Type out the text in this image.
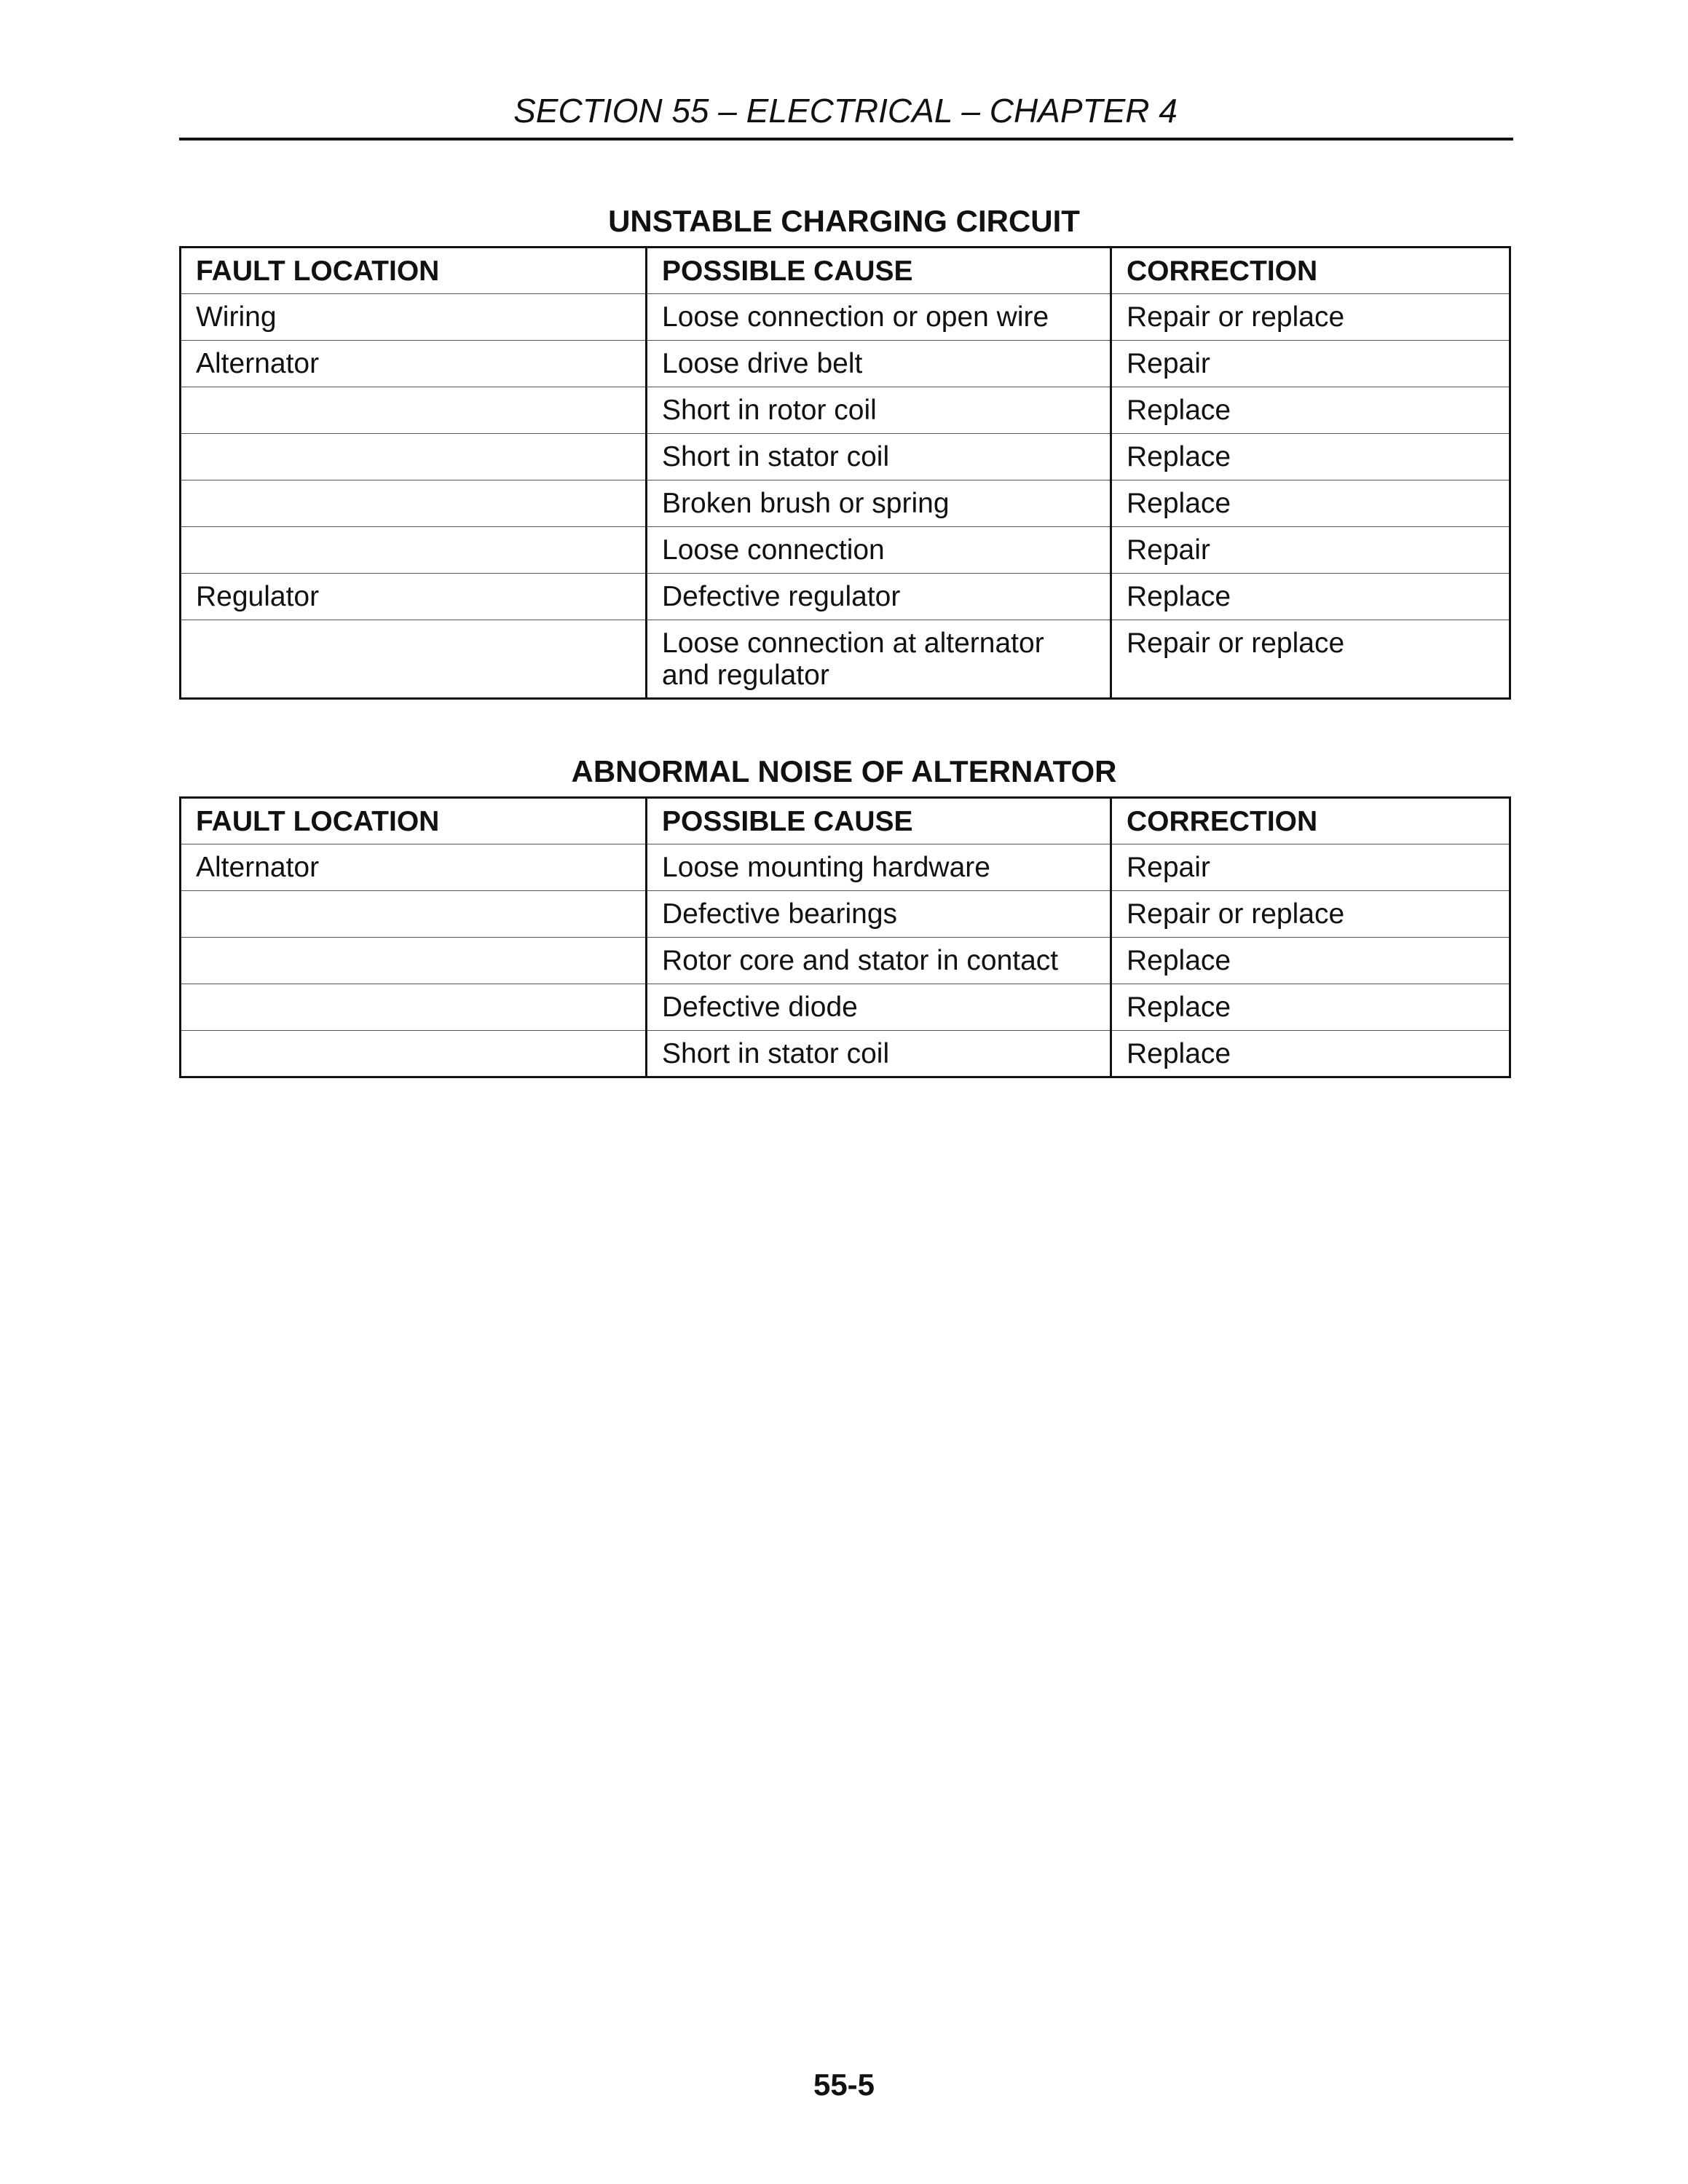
SECTION 55 – ELECTRICAL – CHAPTER 4
UNSTABLE CHARGING CIRCUIT
FAULT LOCATION	POSSIBLE CAUSE	CORRECTION
Wiring	Loose connection or open wire	Repair or replace
Alternator	Loose drive belt	Repair
	Short in rotor coil	Replace
	Short in stator coil	Replace
	Broken brush or spring	Replace
	Loose connection	Repair
Regulator	Defective regulator	Replace
	Loose connection at alternator and regulator	Repair or replace
ABNORMAL NOISE OF ALTERNATOR
FAULT LOCATION	POSSIBLE CAUSE	CORRECTION
Alternator	Loose mounting hardware	Repair
	Defective bearings	Repair or replace
	Rotor core and stator in contact	Replace
	Defective diode	Replace
	Short in stator coil	Replace
55-5
